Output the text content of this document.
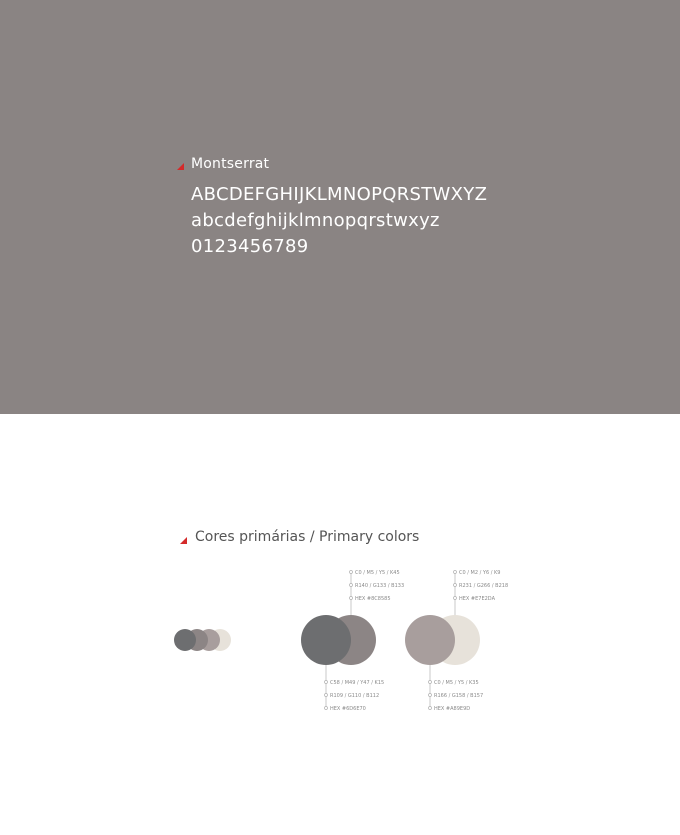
Montserrat
ABCDEFGHIJKLMNOPQRSTWXYZ
abcdefghijklmnopqrstwxyz
0123456789
Cores primárias / Primary colors
C0 / M5 / Y5 / K45
R140 / G133 / B133
HEX #8C8585
C0 / M2 / Y6 / K9
R231 / G266 / B218
HEX #E7E2DA
C58 / M49 / Y47 / K15
R109 / G110 / B112
HEX #6D6E70
C0 / M5 / Y5 / K35
R166 / G158 / B157
HEX #A89E9D
